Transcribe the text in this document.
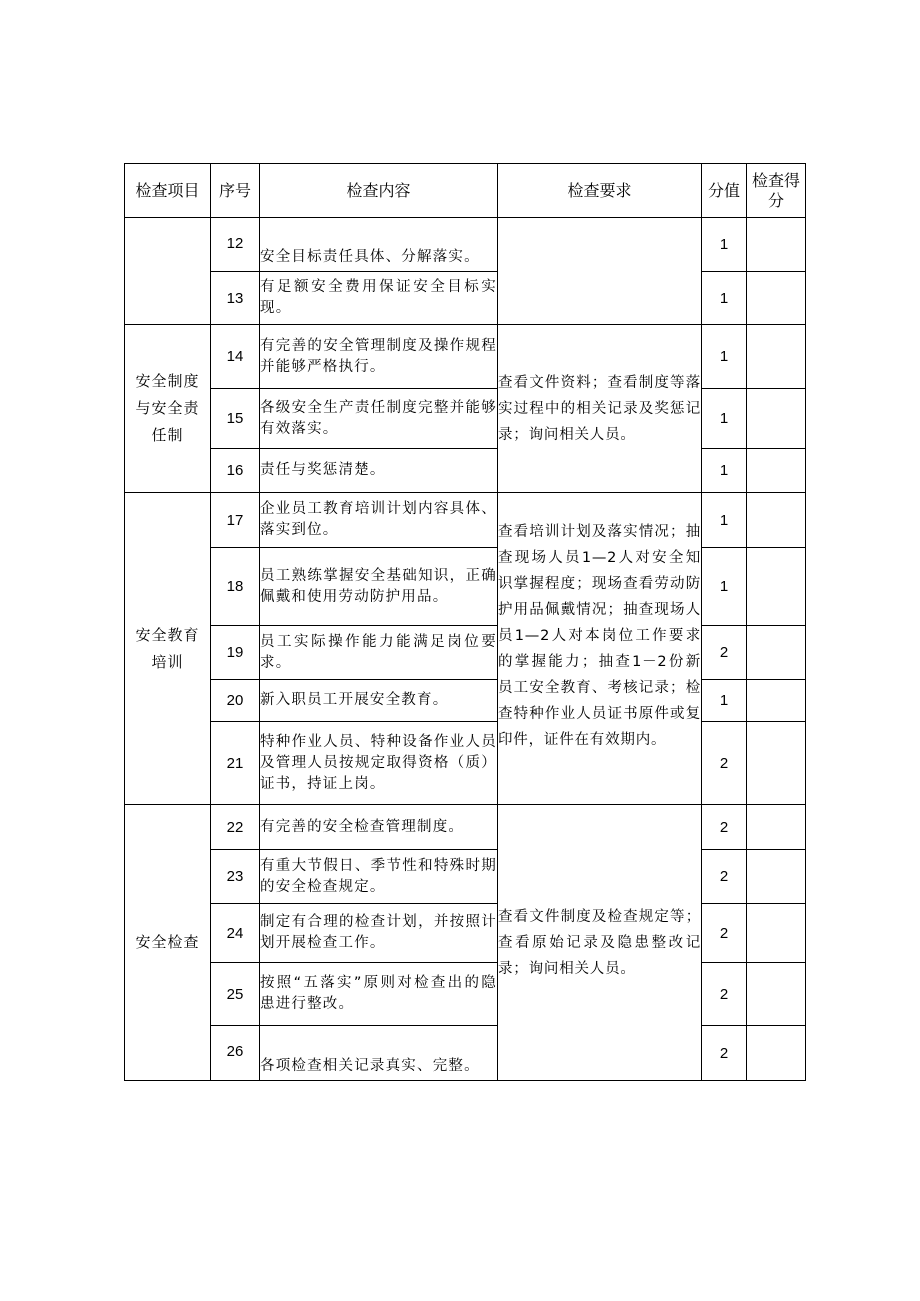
检查项目	序号	检查内容	检查要求	分值	检查得
分

	12	安全目标责任具体、分解落实。		1	
	13	有足额安全费用保证安全目标实现。		1	
安全制度与安全责任制	14	有完善的安全管理制度及操作规程并能够严格执行。	查看文件资料；查看制度等落实过程中的相关记录及奖惩记录；询问相关人员。	1	
	15	各级安全生产责任制度完整并能够有效落实。		1	
	16	责任与奖惩清楚。		1	
安全教育培训	17	企业员工教育培训计划内容具体、落实到位。	查看培训计划及落实情况；抽查现场人员1—2人对安全知识掌握程度；现场查看劳动防护用品佩戴情况；抽查现场人员1—2人对本岗位工作要求的掌握能力；抽查1－2份新员工安全教育、考核记录；检查特种作业人员证书原件或复印件，证件在有效期内。	1	
	18	员工熟练掌握安全基础知识，正确佩戴和使用劳动防护用品。		1	
	19	员工实际操作能力能满足岗位要求。		2	
	20	新入职员工开展安全教育。		1	
	21	特种作业人员、特种设备作业人员及管理人员按规定取得资格（质）证书，持证上岗。		2	
安全检查	22	有完善的安全检查管理制度。	查看文件制度及检查规定等；查看原始记录及隐患整改记录；询问相关人员。	2	
	23	有重大节假日、季节性和特殊时期的安全检查规定。		2	
	24	制定有合理的检查计划，并按照计划开展检查工作。		2	
	25	按照“五落实”原则对检查出的隐患进行整改。		2	
	26	各项检查相关记录真实、完整。		2	
